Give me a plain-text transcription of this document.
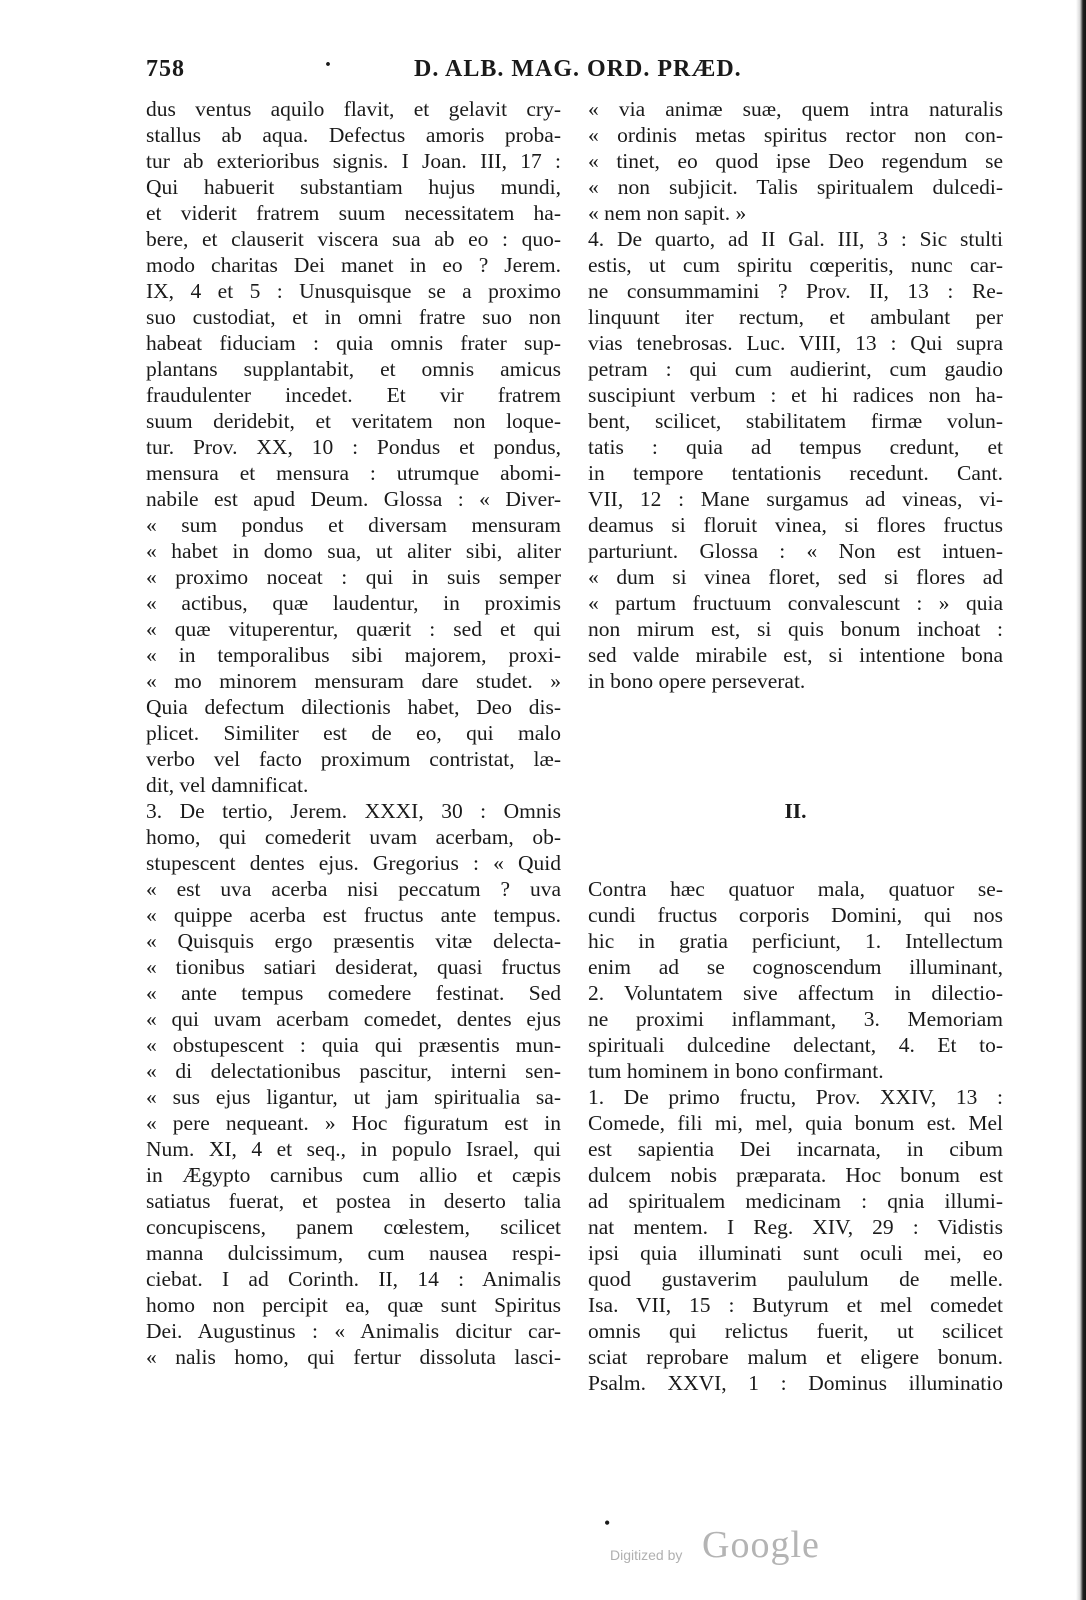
758	·	D. ALB. MAG. ORD. PRÆD.
dus ventus aquilo flavit, et gelavit cry-
stallus ab aqua. Defectus amoris proba-
tur ab exterioribus signis. I Joan. III, 17 :
Qui habuerit substantiam hujus mundi,
et viderit fratrem suum necessitatem ha-
bere, et clauserit viscera sua ab eo : quo-
modo charitas Dei manet in eo ? Jerem.
IX, 4 et 5 : Unusquisque se a proximo
suo custodiat, et in omni fratre suo non
habeat fiduciam : quia omnis frater sup-
plantans supplantabit, et omnis amicus
fraudulenter incedet. Et vir fratrem
suum deridebit, et veritatem non loque-
tur. Prov. XX, 10 : Pondus et pondus,
mensura et mensura : utrumque abomi-
nabile est apud Deum. Glossa : « Diver-
« sum pondus et diversam mensuram
« habet in domo sua, ut aliter sibi, aliter
« proximo noceat : qui in suis semper
« actibus, quæ laudentur, in proximis
« quæ vituperentur, quærit : sed et qui
« in temporalibus sibi majorem, proxi-
« mo minorem mensuram dare studet. »
Quia defectum dilectionis habet, Deo dis-
plicet. Similiter est de eo, qui malo
verbo vel facto proximum contristat, læ-
dit, vel damnificat.
3. De tertio, Jerem. XXXI, 30 : Omnis
homo, qui comederit uvam acerbam, ob-
stupescent dentes ejus. Gregorius : « Quid
« est uva acerba nisi peccatum ? uva
« quippe acerba est fructus ante tempus.
« Quisquis ergo præsentis vitæ delecta-
« tionibus satiari desiderat, quasi fructus
« ante tempus comedere festinat. Sed
« qui uvam acerbam comedet, dentes ejus
« obstupescent : quia qui præsentis mun-
« di delectationibus pascitur, interni sen-
« sus ejus ligantur, ut jam spiritualia sa-
« pere nequeant. » Hoc figuratum est in
Num. XI, 4 et seq., in populo Israel, qui
in Ægypto carnibus cum allio et cæpis
satiatus fuerat, et postea in deserto talia
concupiscens, panem cœlestem, scilicet
manna dulcissimum, cum nausea respi-
ciebat. I ad Corinth. II, 14 : Animalis
homo non percipit ea, quæ sunt Spiritus
Dei. Augustinus : « Animalis dicitur car-
« nalis homo, qui fertur dissoluta lasci-
« via animæ suæ, quem intra naturalis
« ordinis metas spiritus rector non con-
« tinet, eo quod ipse Deo regendum se
« non subjicit. Talis spiritualem dulcedi-
« nem non sapit. »
4. De quarto, ad II Gal. III, 3 : Sic stulti
estis, ut cum spiritu cœperitis, nunc car-
ne consummamini ? Prov. II, 13 : Re-
linquunt iter rectum, et ambulant per
vias tenebrosas. Luc. VIII, 13 : Qui supra
petram : qui cum audierint, cum gaudio
suscipiunt verbum : et hi radices non ha-
bent, scilicet, stabilitatem firmæ volun-
tatis : quia ad tempus credunt, et
in tempore tentationis recedunt. Cant.
VII, 12 : Mane surgamus ad vineas, vi-
deamus si floruit vinea, si flores fructus
parturiunt. Glossa : « Non est intuen-
« dum si vinea floret, sed si flores ad
« partum fructuum convalescunt : » quia
non mirum est, si quis bonum inchoat :
sed valde mirabile est, si intentione bona
in bono opere perseverat.
II.
Contra hæc quatuor mala, quatuor se-
cundi fructus corporis Domini, qui nos
hic in gratia perficiunt, 1. Intellectum
enim ad se cognoscendum illuminant,
2. Voluntatem sive affectum in dilectio-
ne proximi inflammant, 3. Memoriam
spirituali dulcedine delectant, 4. Et to-
tum hominem in bono confirmant.
1. De primo fructu, Prov. XXIV, 13 :
Comede, fili mi, mel, quia bonum est. Mel
est sapientia Dei incarnata, in cibum
dulcem nobis præparata. Hoc bonum est
ad spiritualem medicinam : qnia illumi-
nat mentem. I Reg. XIV, 29 : Vidistis
ipsi quia illuminati sunt oculi mei, eo
quod gustaverim paululum de melle.
Isa. VII, 15 : Butyrum et mel comedet
omnis qui relictus fuerit, ut scilicet
sciat reprobare malum et eligere bonum.
Psalm. XXVI, 1 : Dominus illuminatio
•
Digitized by Google
